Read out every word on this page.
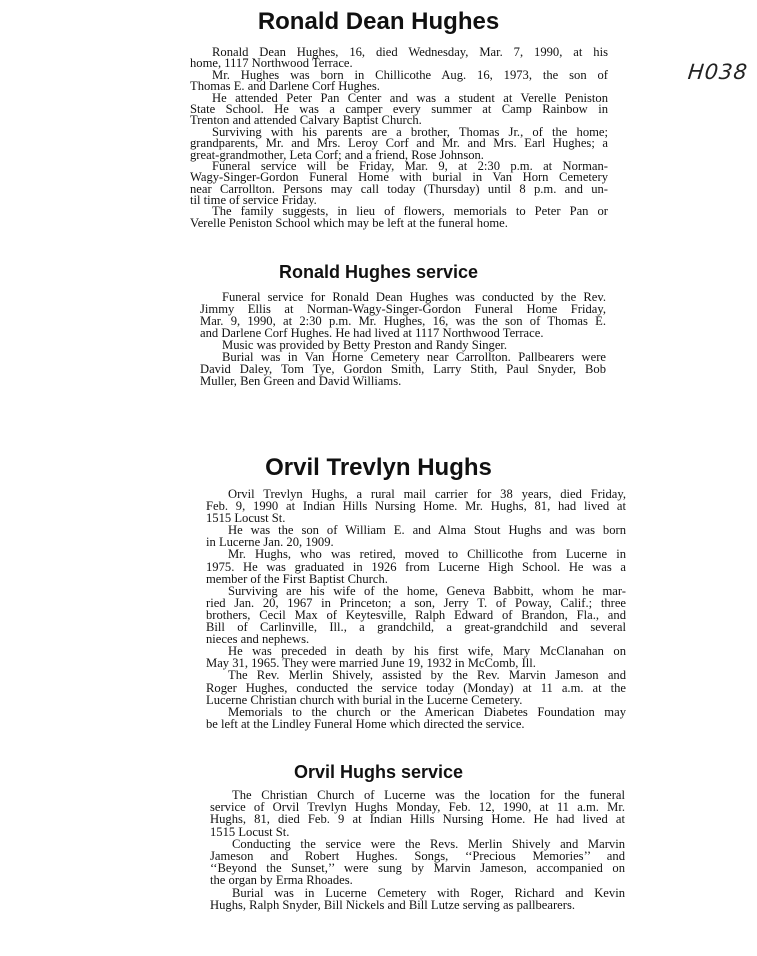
H038
Ronald Dean Hughes
Ronald Dean Hughes, 16, died Wednesday, Mar. 7, 1990, at his
home, 1117 Northwood Terrace.
Mr. Hughes was born in Chillicothe Aug. 16, 1973, the son of
Thomas E. and Darlene Corf Hughes.
He attended Peter Pan Center and was a student at Verelle Peniston
State School. He was a camper every summer at Camp Rainbow in
Trenton and attended Calvary Baptist Church.
Surviving with his parents are a brother, Thomas Jr., of the home;
grandparents, Mr. and Mrs. Leroy Corf and Mr. and Mrs. Earl Hughes; a
great-grandmother, Leta Corf; and a friend, Rose Johnson.
Funeral service will be Friday, Mar. 9, at 2:30 p.m. at Norman-
Wagy-Singer-Gordon Funeral Home with burial in Van Horn Cemetery
near Carrollton. Persons may call today (Thursday) until 8 p.m. and un-
til time of service Friday.
The family suggests, in lieu of flowers, memorials to Peter Pan or
Verelle Peniston School which may be left at the funeral home.
Ronald Hughes service
Funeral service for Ronald Dean Hughes was conducted by the Rev.
Jimmy Ellis at Norman-Wagy-Singer-Gordon Funeral Home Friday,
Mar. 9, 1990, at 2:30 p.m. Mr. Hughes, 16, was the son of Thomas E.
and Darlene Corf Hughes. He had lived at 1117 Northwood Terrace.
Music was provided by Betty Preston and Randy Singer.
Burial was in Van Horne Cemetery near Carrollton. Pallbearers were
David Daley, Tom Tye, Gordon Smith, Larry Stith, Paul Snyder, Bob
Muller, Ben Green and David Williams.
Orvil Trevlyn Hughs
Orvil Trevlyn Hughs, a rural mail carrier for 38 years, died Friday,
Feb. 9, 1990 at Indian Hills Nursing Home. Mr. Hughs, 81, had lived at
1515 Locust St.
He was the son of William E. and Alma Stout Hughs and was born
in Lucerne Jan. 20, 1909.
Mr. Hughs, who was retired, moved to Chillicothe from Lucerne in
1975. He was graduated in 1926 from Lucerne High School. He was a
member of the First Baptist Church.
Surviving are his wife of the home, Geneva Babbitt, whom he mar-
ried Jan. 20, 1967 in Princeton; a son, Jerry T. of Poway, Calif.; three
brothers, Cecil Max of Keytesville, Ralph Edward of Brandon, Fla., and
Bill of Carlinville, Ill., a grandchild, a great-grandchild and several
nieces and nephews.
He was preceded in death by his first wife, Mary McClanahan on
May 31, 1965. They were married June 19, 1932 in McComb, Ill.
The Rev. Merlin Shively, assisted by the Rev. Marvin Jameson and
Roger Hughes, conducted the service today (Monday) at 11 a.m. at the
Lucerne Christian church with burial in the Lucerne Cemetery.
Memorials to the church or the American Diabetes Foundation may
be left at the Lindley Funeral Home which directed the service.
Orvil Hughs service
The Christian Church of Lucerne was the location for the funeral
service of Orvil Trevlyn Hughs Monday, Feb. 12, 1990, at 11 a.m. Mr.
Hughs, 81, died Feb. 9 at Indian Hills Nursing Home. He had lived at
1515 Locust St.
Conducting the service were the Revs. Merlin Shively and Marvin
Jameson and Robert Hughes. Songs, ‘‘Precious Memories’’ and
‘‘Beyond the Sunset,’’ were sung by Marvin Jameson, accompanied on
the organ by Erma Rhoades.
Burial was in Lucerne Cemetery with Roger, Richard and Kevin
Hughs, Ralph Snyder, Bill Nickels and Bill Lutze serving as pallbearers.
